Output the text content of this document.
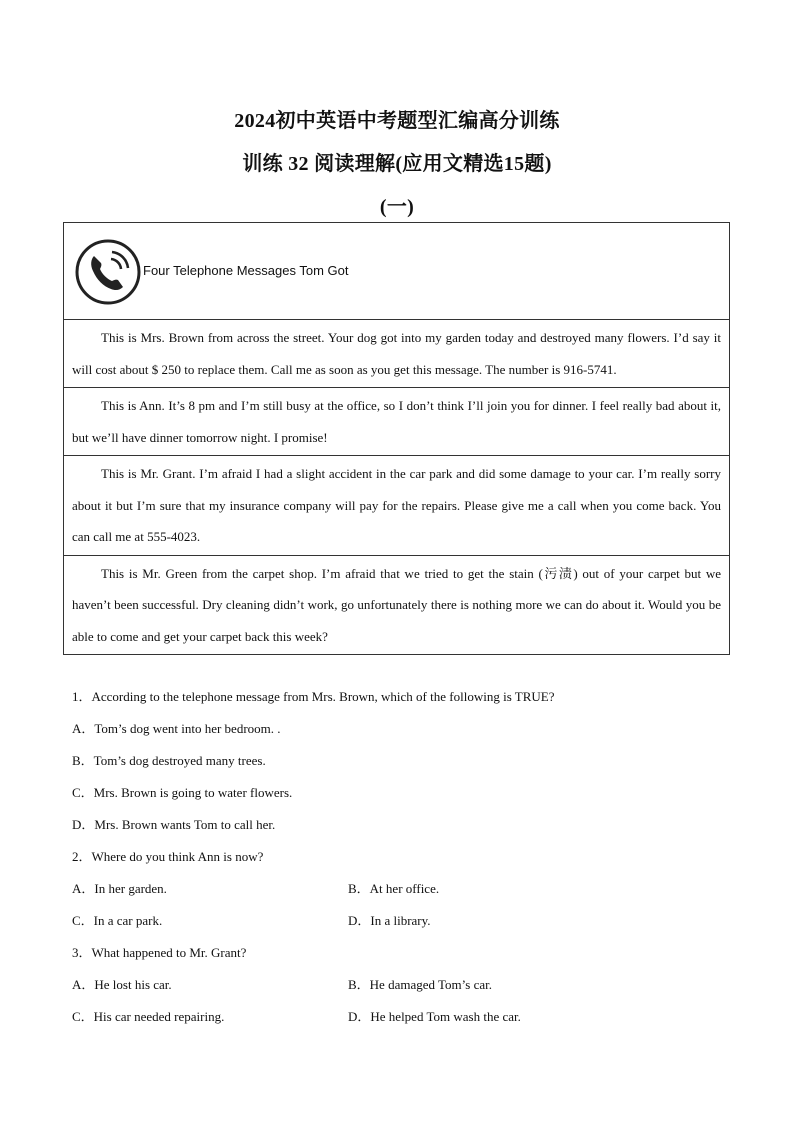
2024初中英语中考题型汇编高分训练
训练 32 阅读理解(应用文精选15题)
(一)
Four Telephone Messages Tom Got

This is Mrs. Brown from across the street. Your dog got into my garden today and destroyed many flowers. I’d say it will cost about $ 250 to replace them. Call me as soon as you get this message. The number is 916-5741.

This is Ann. It’s 8 pm and I’m still busy at the office, so I don’t think I’ll join you for dinner. I feel really bad about it, but we’ll have dinner tomorrow night. I promise!

This is Mr. Grant. I’m afraid I had a slight accident in the car park and did some damage to your car. I’m really sorry about it but I’m sure that my insurance company will pay for the repairs. Please give me a call when you come back. You can call me at 555-4023.

This is Mr. Green from the carpet shop. I’m afraid that we tried to get the stain (污渍) out of your carpet but we haven’t been successful. Dry cleaning didn’t work, go unfortunately there is nothing more we can do about it. Would you be able to come and get your carpet back this week?

1．According to the telephone message from Mrs. Brown, which of the following is TRUE?
A．Tom’s dog went into her bedroom. .
B．Tom’s dog destroyed many trees.
C．Mrs. Brown is going to water flowers.
D．Mrs. Brown wants Tom to call her.
2．Where do you think Ann is now?
A．In her garden.	B．At her office.
C．In a car park.	D．In a library.
3．What happened to Mr. Grant?
A．He lost his car.	B．He damaged Tom’s car.
C．His car needed repairing.	D．He helped Tom wash the car.
